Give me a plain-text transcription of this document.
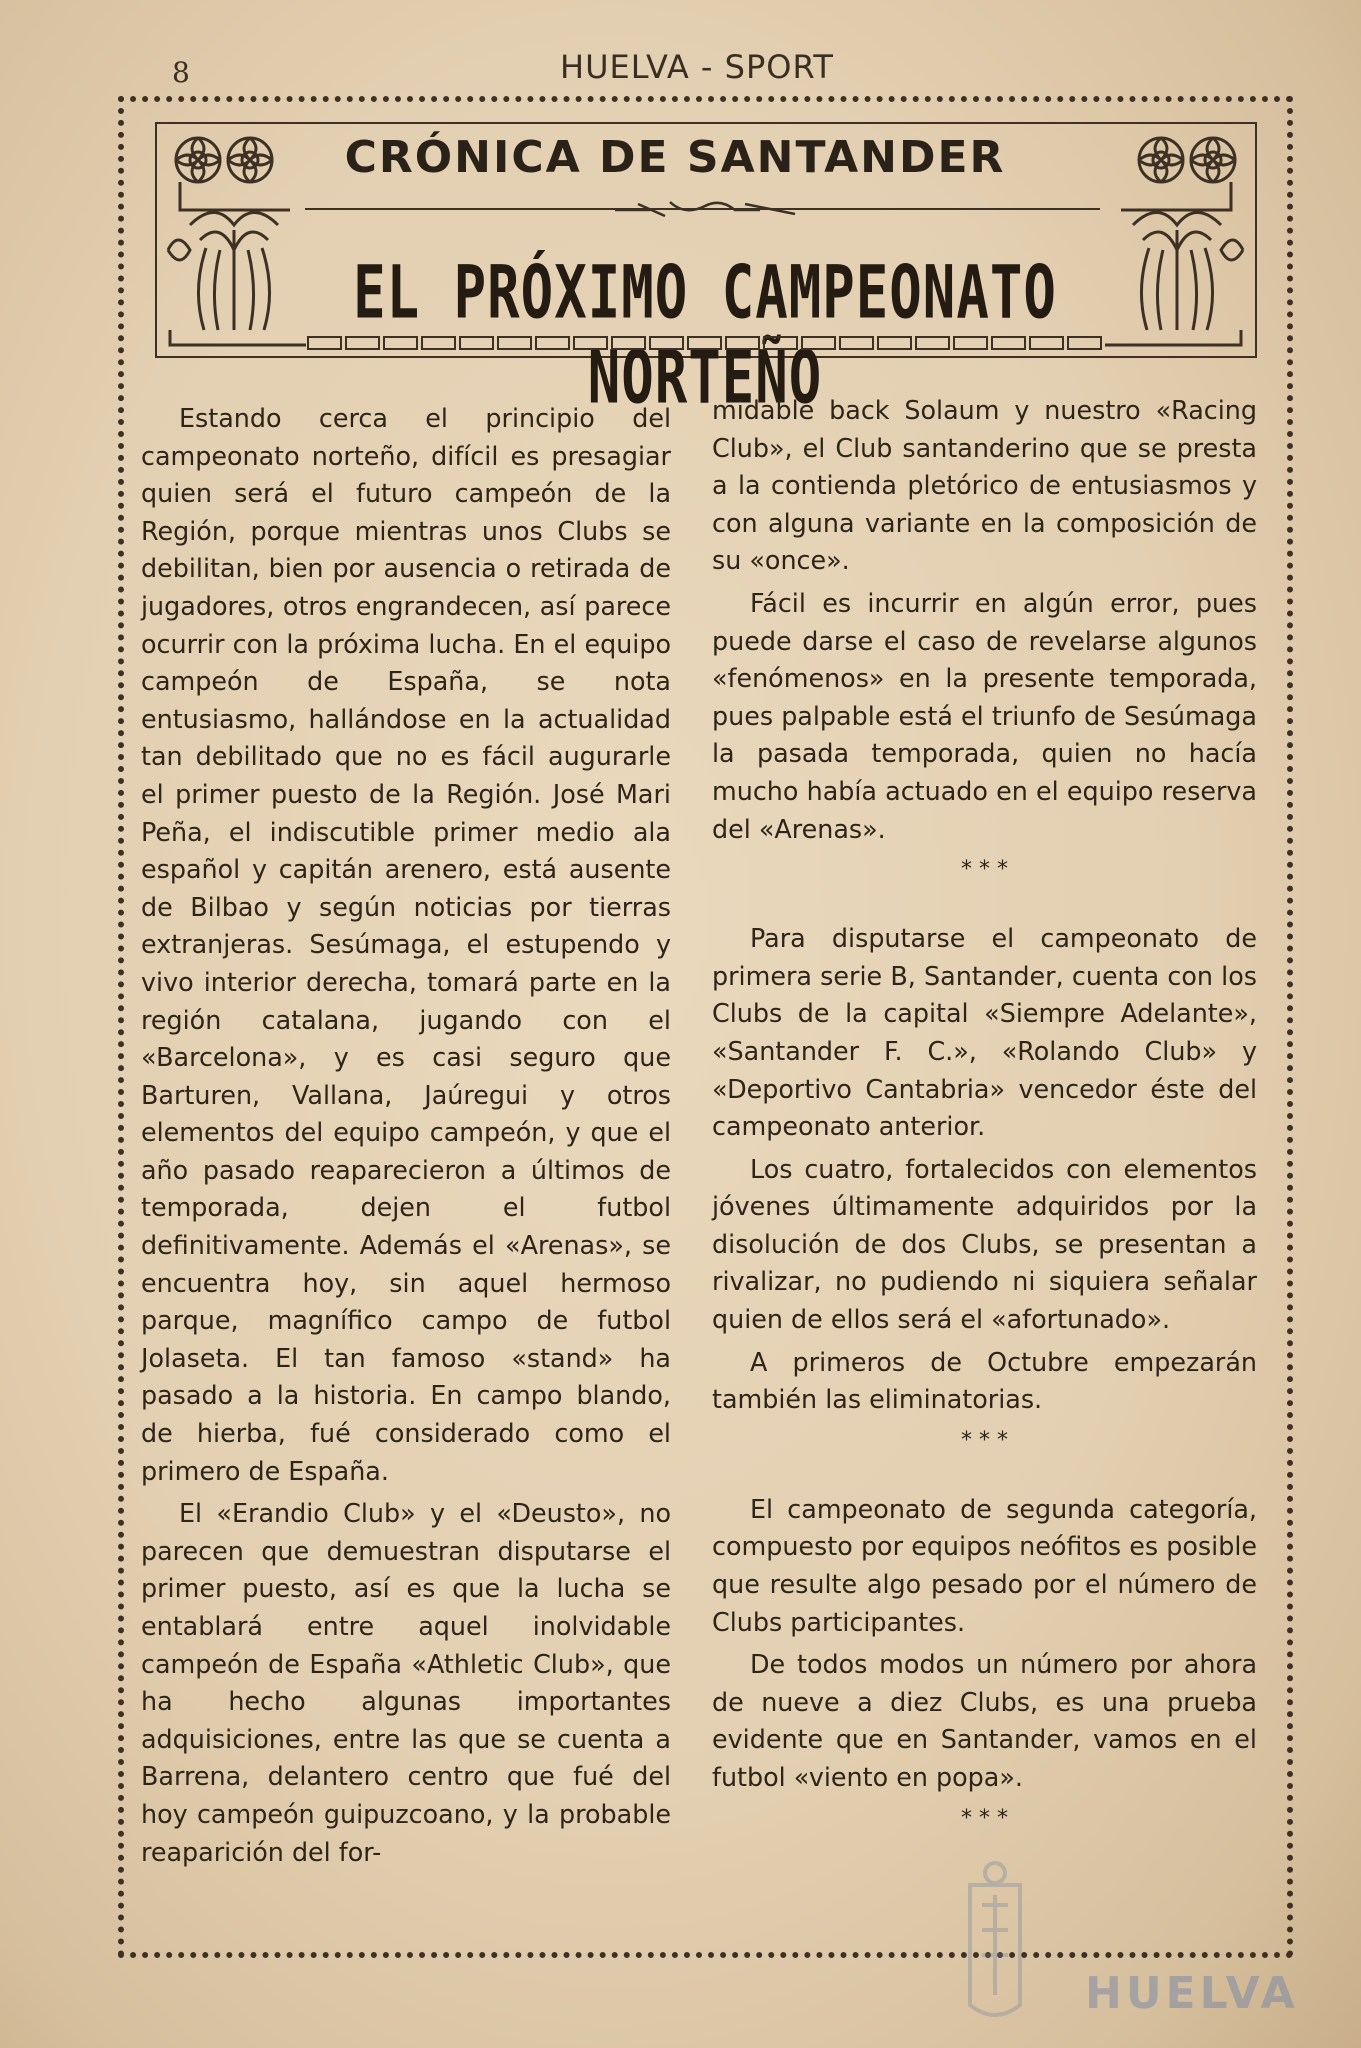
8	HUELVA - SPORT
CRÓNICA DE SANTANDER
EL PRÓXIMO CAMPEONATO NORTEÑO

Estando cerca el principio del campeonato norteño, difícil es presagiar quien será el futuro campeón de la Región, porque mientras unos Clubs se debilitan, bien por ausencia o retirada de jugadores, otros engrandecen, así parece ocurrir con la próxima lucha. En el equipo campeón de España, se nota entusiasmo, hallándose en la actualidad tan debilitado que no es fácil augurarle el primer puesto de la Región. José Mari Peña, el indiscutible primer medio ala español y capitán arenero, está ausente de Bilbao y según noticias por tierras extranjeras. Sesúmaga, el estupendo y vivo interior derecha, tomará parte en la región catalana, jugando con el «Barcelona», y es casi seguro que Barturen, Vallana, Jaúregui y otros elementos del equipo campeón, y que el año pasado reaparecieron a últimos de temporada, dejen el futbol definitivamente. Además el «Arenas», se encuentra hoy, sin aquel hermoso parque, magnífico campo de futbol Jolaseta. El tan famoso «stand» ha pasado a la historia. En campo blando, de hierba, fué considerado como el primero de España.

El «Erandio Club» y el «Deusto», no parecen que demuestran disputarse el primer puesto, así es que la lucha se entablará entre aquel inolvidable campeón de España «Athletic Club», que ha hecho algunas importantes adquisiciones, entre las que se cuenta a Barrena, delantero centro que fué del hoy campeón guipuzcoano, y la probable reaparición del for-

midable back Solaum y nuestro «Racing Club», el Club santanderino que se presta a la contienda pletórico de entusiasmos y con alguna variante en la composición de su «once».

Fácil es incurrir en algún error, pues puede darse el caso de revelarse algunos «fenómenos» en la presente temporada, pues palpable está el triunfo de Sesúmaga la pasada temporada, quien no hacía mucho había actuado en el equipo reserva del «Arenas».

* * *

Para disputarse el campeonato de primera serie B, Santander, cuenta con los Clubs de la capital «Siempre Adelante», «Santander F. C.», «Rolando Club» y «Deportivo Cantabria» vencedor éste del campeonato anterior.

Los cuatro, fortalecidos con elementos jóvenes últimamente adquiridos por la disolución de dos Clubs, se presentan a rivalizar, no pudiendo ni siquiera señalar quien de ellos será el «afortunado».

A primeros de Octubre empezarán también las eliminatorias.

* * *

El campeonato de segunda categoría, compuesto por equipos neófitos es posible que resulte algo pesado por el número de Clubs participantes.

De todos modos un número por ahora de nueve a diez Clubs, es una prueba evidente que en Santander, vamos en el futbol «viento en popa».

* * *
HUELVA
